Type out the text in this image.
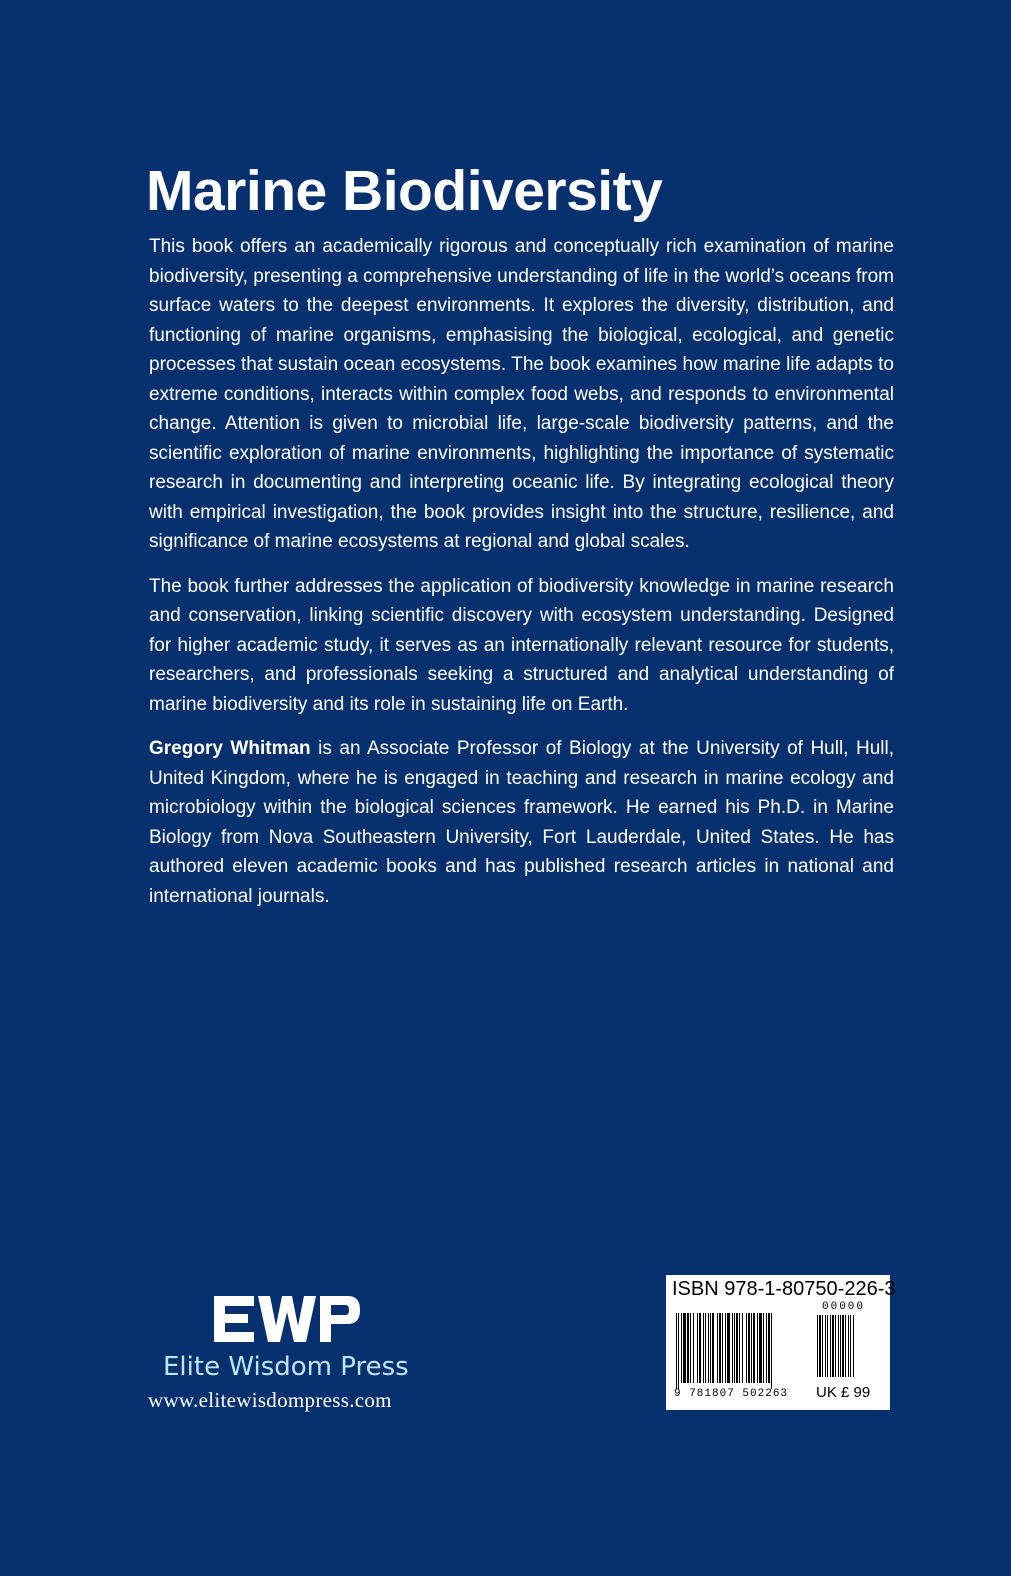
Marine Biodiversity

This book offers an academically rigorous and conceptually rich examination of marine biodiversity, presenting a comprehensive understanding of life in the world’s oceans from surface waters to the deepest environments. It explores the diversity, distribution, and functioning of marine organisms, emphasising the biological, ecological, and genetic processes that sustain ocean ecosystems. The book examines how marine life adapts to extreme conditions, interacts within complex food webs, and responds to environmental change. Attention is given to microbial life, large-scale biodiversity patterns, and the scientific exploration of marine environments, highlighting the importance of systematic research in documenting and interpreting oceanic life. By integrating ecological theory with empirical investigation, the book provides insight into the structure, resilience, and significance of marine ecosystems at regional and global scales.

The book further addresses the application of biodiversity knowledge in marine research and conservation, linking scientific discovery with ecosystem understanding. Designed for higher academic study, it serves as an internationally relevant resource for students, researchers, and professionals seeking a structured and analytical understanding of marine biodiversity and its role in sustaining life on Earth.

Gregory Whitman is an Associate Professor of Biology at the University of Hull, Hull, United Kingdom, where he is engaged in teaching and research in marine ecology and microbiology within the biological sciences framework. He earned his Ph.D. in Marine Biology from Nova Southeastern University, Fort Lauderdale, United States. He has authored eleven academic books and has published research articles in national and international journals.

Elite Wisdom Press
www.elitewisdompress.com
ISBN 978-1-80750-226-3
00000
9 781807 502263 UK £ 99
